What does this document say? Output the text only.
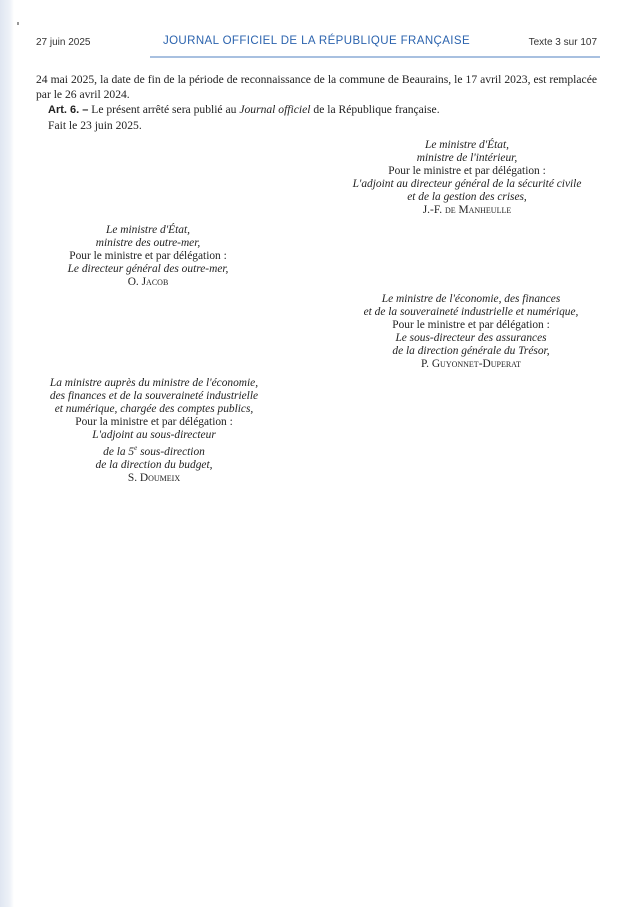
27 juin 2025	JOURNAL OFFICIEL DE LA RÉPUBLIQUE FRANÇAISE	Texte 3 sur 107

24 mai 2025, la date de fin de la période de reconnaissance de la commune de Beaurains, le 17 avril 2023, est remplacée par le 26 avril 2024.

Art. 6. – Le présent arrêté sera publié au Journal officiel de la République française.

Fait le 23 juin 2025.

Le ministre d'État,
ministre de l'intérieur,
Pour le ministre et par délégation :
L'adjoint au directeur général de la sécurité civile
et de la gestion des crises,
J.-F. de Manheulle
Le ministre d'État,
ministre des outre-mer,
Pour le ministre et par délégation :
Le directeur général des outre-mer,
O. Jacob
Le ministre de l'économie, des finances
et de la souveraineté industrielle et numérique,
Pour le ministre et par délégation :
Le sous-directeur des assurances
de la direction générale du Trésor,
P. Guyonnet-Duperat
La ministre auprès du ministre de l'économie,
des finances et de la souveraineté industrielle
et numérique, chargée des comptes publics,
Pour la ministre et par délégation :
L'adjoint au sous-directeur
de la 5e sous-direction
de la direction du budget,
S. Doumeix
